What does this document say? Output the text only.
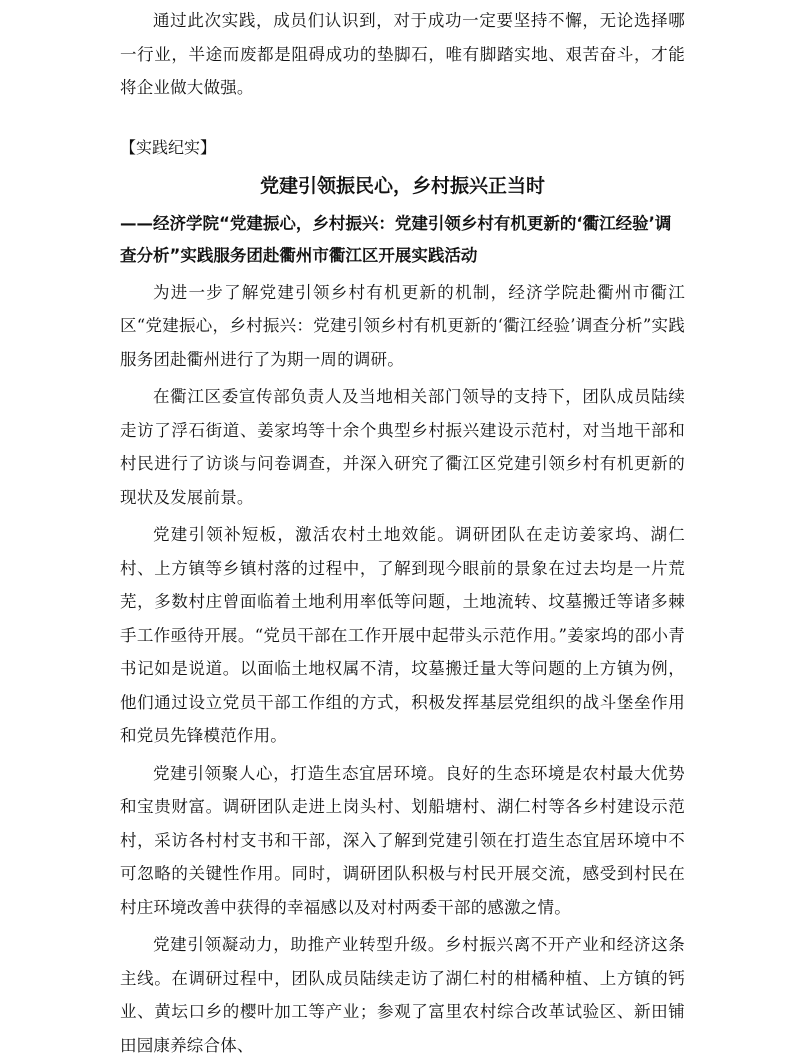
通过此次实践，成员们认识到，对于成功一定要坚持不懈，无论选择哪一行业，半途而废都是阻碍成功的垫脚石，唯有脚踏实地、艰苦奋斗，才能将企业做大做强。

【实践纪实】
党建引领振民心，乡村振兴正当时
——经济学院“党建振心，乡村振兴：党建引领乡村有机更新的‘衢江经验’调查分析”实践服务团赴衢州市衢江区开展实践活动

为进一步了解党建引领乡村有机更新的机制，经济学院赴衢州市衢江区“党建振心，乡村振兴：党建引领乡村有机更新的‘衢江经验’调查分析”实践服务团赴衢州进行了为期一周的调研。

在衢江区委宣传部负责人及当地相关部门领导的支持下，团队成员陆续走访了浮石街道、姜家坞等十余个典型乡村振兴建设示范村，对当地干部和村民进行了访谈与问卷调查，并深入研究了衢江区党建引领乡村有机更新的现状及发展前景。

党建引领补短板，激活农村土地效能。调研团队在走访姜家坞、湖仁村、上方镇等乡镇村落的过程中，了解到现今眼前的景象在过去均是一片荒芜，多数村庄曾面临着土地利用率低等问题，土地流转、坟墓搬迁等诸多棘手工作亟待开展。“党员干部在工作开展中起带头示范作用。”姜家坞的邵小青书记如是说道。以面临土地权属不清，坟墓搬迁量大等问题的上方镇为例，他们通过设立党员干部工作组的方式，积极发挥基层党组织的战斗堡垒作用和党员先锋模范作用。

党建引领聚人心，打造生态宜居环境。良好的生态环境是农村最大优势和宝贵财富。调研团队走进上岗头村、划船塘村、湖仁村等各乡村建设示范村，采访各村村支书和干部，深入了解到党建引领在打造生态宜居环境中不可忽略的关键性作用。同时，调研团队积极与村民开展交流，感受到村民在村庄环境改善中获得的幸福感以及对村两委干部的感激之情。

党建引领凝动力，助推产业转型升级。乡村振兴离不开产业和经济这条主线。在调研过程中，团队成员陆续走访了湖仁村的柑橘种植、上方镇的钙业、黄坛口乡的樱叶加工等产业；参观了富里农村综合改革试验区、新田铺田园康养综合体、
